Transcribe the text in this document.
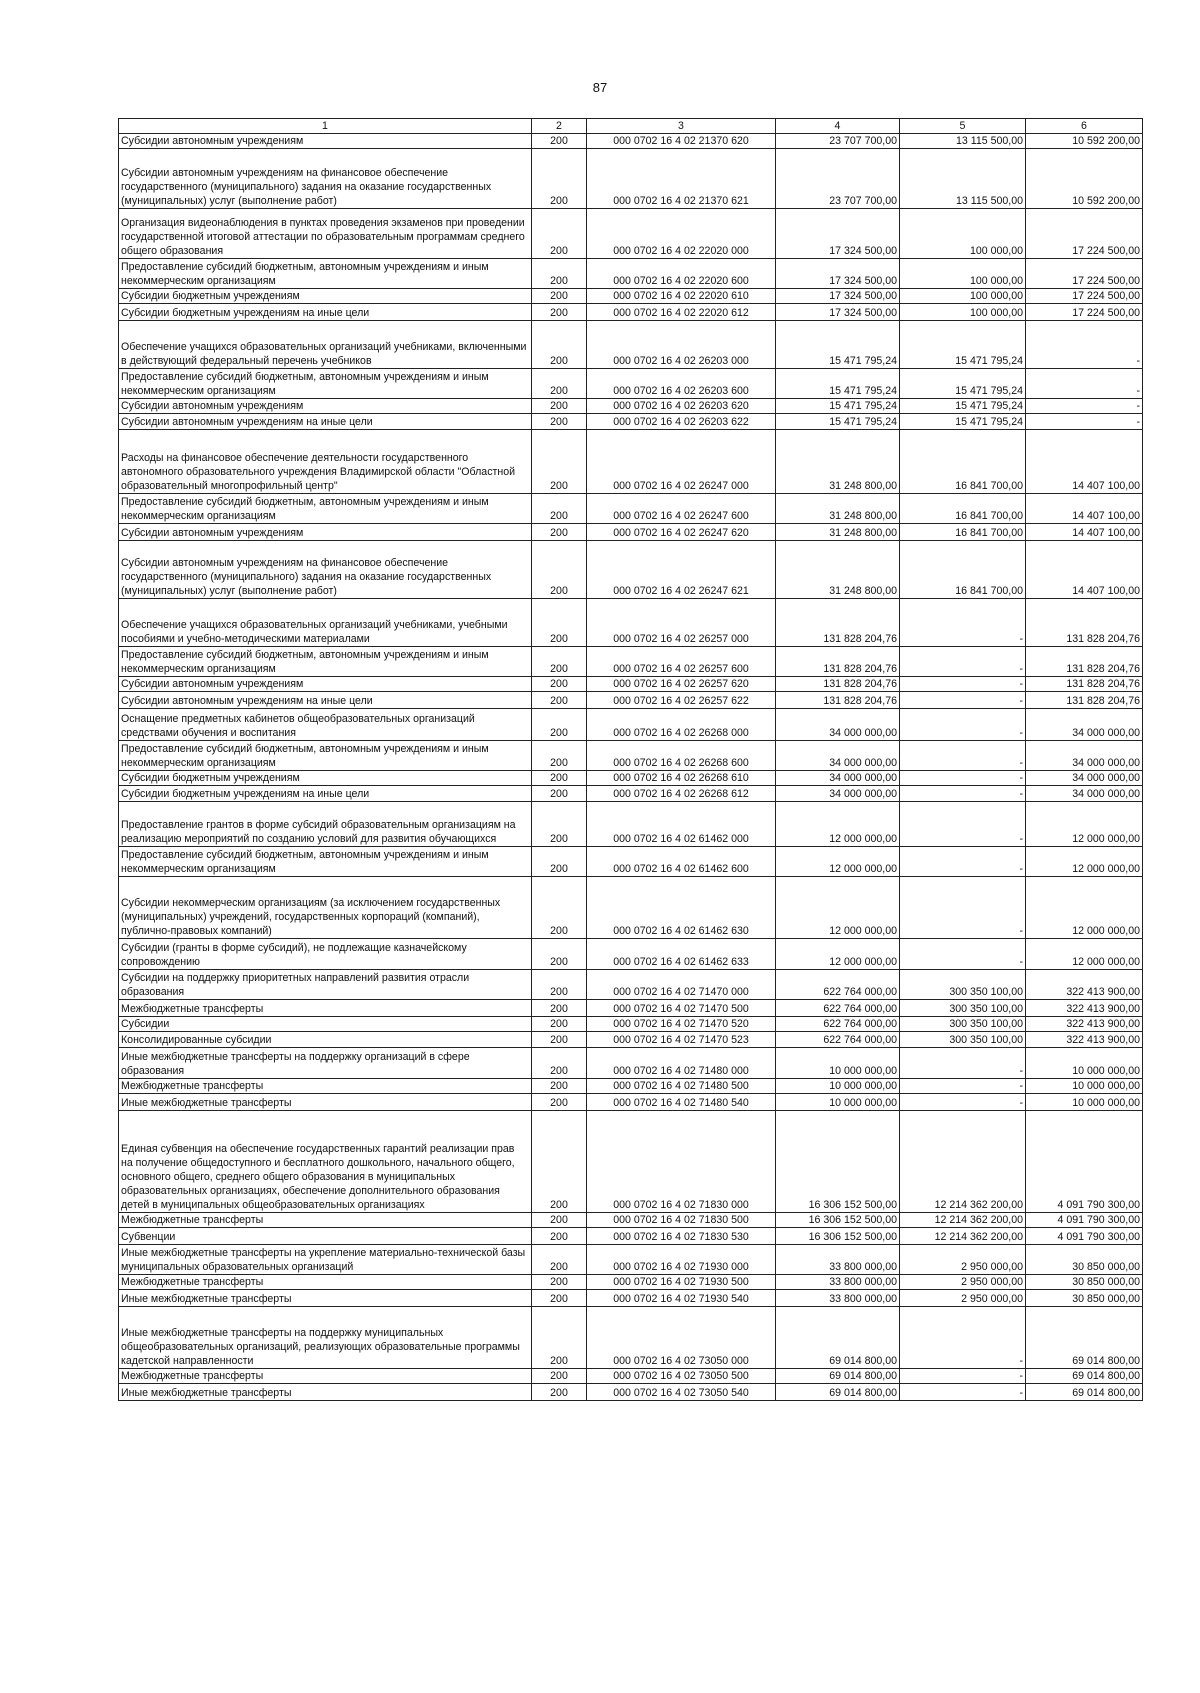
87
1	2	3	4	5	6
Субсидии автономным учреждениям	200	000 0702 16 4 02 21370 620	23 707 700,00	13 115 500,00	10 592 200,00
Субсидии автономным учреждениям на финансовое обеспечение государственного (муниципального) задания на оказание государственных (муниципальных) услуг (выполнение работ)	200	000 0702 16 4 02 21370 621	23 707 700,00	13 115 500,00	10 592 200,00
Организация видеонаблюдения в пунктах проведения экзаменов при проведении государственной итоговой аттестации по образовательным программам среднего общего образования	200	000 0702 16 4 02 22020 000	17 324 500,00	100 000,00	17 224 500,00
Предоставление субсидий бюджетным, автономным учреждениям и иным некоммерческим организациям	200	000 0702 16 4 02 22020 600	17 324 500,00	100 000,00	17 224 500,00
Субсидии бюджетным учреждениям	200	000 0702 16 4 02 22020 610	17 324 500,00	100 000,00	17 224 500,00
Субсидии бюджетным учреждениям на иные цели	200	000 0702 16 4 02 22020 612	17 324 500,00	100 000,00	17 224 500,00
Обеспечение учащихся образовательных организаций учебниками, включенными в действующий федеральный перечень учебников	200	000 0702 16 4 02 26203 000	15 471 795,24	15 471 795,24	-
Предоставление субсидий бюджетным, автономным учреждениям и иным некоммерческим организациям	200	000 0702 16 4 02 26203 600	15 471 795,24	15 471 795,24	-
Субсидии автономным учреждениям	200	000 0702 16 4 02 26203 620	15 471 795,24	15 471 795,24	-
Субсидии автономным учреждениям на иные цели	200	000 0702 16 4 02 26203 622	15 471 795,24	15 471 795,24	-
Расходы на финансовое обеспечение деятельности государственного автономного образовательного учреждения Владимирской области "Областной образовательный многопрофильный центр"	200	000 0702 16 4 02 26247 000	31 248 800,00	16 841 700,00	14 407 100,00
Предоставление субсидий бюджетным, автономным учреждениям и иным некоммерческим организациям	200	000 0702 16 4 02 26247 600	31 248 800,00	16 841 700,00	14 407 100,00
Субсидии автономным учреждениям	200	000 0702 16 4 02 26247 620	31 248 800,00	16 841 700,00	14 407 100,00
Субсидии автономным учреждениям на финансовое обеспечение государственного (муниципального) задания на оказание государственных (муниципальных) услуг (выполнение работ)	200	000 0702 16 4 02 26247 621	31 248 800,00	16 841 700,00	14 407 100,00
Обеспечение учащихся образовательных организаций учебниками, учебными пособиями и учебно-методическими материалами	200	000 0702 16 4 02 26257 000	131 828 204,76	-	131 828 204,76
Предоставление субсидий бюджетным, автономным учреждениям и иным некоммерческим организациям	200	000 0702 16 4 02 26257 600	131 828 204,76	-	131 828 204,76
Субсидии автономным учреждениям	200	000 0702 16 4 02 26257 620	131 828 204,76	-	131 828 204,76
Субсидии автономным учреждениям на иные цели	200	000 0702 16 4 02 26257 622	131 828 204,76	-	131 828 204,76
Оснащение предметных кабинетов общеобразовательных организаций средствами обучения и воспитания	200	000 0702 16 4 02 26268 000	34 000 000,00	-	34 000 000,00
Предоставление субсидий бюджетным, автономным учреждениям и иным некоммерческим организациям	200	000 0702 16 4 02 26268 600	34 000 000,00	-	34 000 000,00
Субсидии бюджетным учреждениям	200	000 0702 16 4 02 26268 610	34 000 000,00	-	34 000 000,00
Субсидии бюджетным учреждениям на иные цели	200	000 0702 16 4 02 26268 612	34 000 000,00	-	34 000 000,00
Предоставление грантов в форме субсидий образовательным организациям на реализацию мероприятий по созданию условий для развития обучающихся	200	000 0702 16 4 02 61462 000	12 000 000,00	-	12 000 000,00
Предоставление субсидий бюджетным, автономным учреждениям и иным некоммерческим организациям	200	000 0702 16 4 02 61462 600	12 000 000,00	-	12 000 000,00
Субсидии некоммерческим организациям (за исключением государственных (муниципальных) учреждений, государственных корпораций (компаний), публично-правовых компаний)	200	000 0702 16 4 02 61462 630	12 000 000,00	-	12 000 000,00
Субсидии (гранты в форме субсидий), не подлежащие казначейскому сопровождению	200	000 0702 16 4 02 61462 633	12 000 000,00	-	12 000 000,00
Субсидии на поддержку приоритетных направлений развития отрасли образования	200	000 0702 16 4 02 71470 000	622 764 000,00	300 350 100,00	322 413 900,00
Межбюджетные трансферты	200	000 0702 16 4 02 71470 500	622 764 000,00	300 350 100,00	322 413 900,00
Субсидии	200	000 0702 16 4 02 71470 520	622 764 000,00	300 350 100,00	322 413 900,00
Консолидированные субсидии	200	000 0702 16 4 02 71470 523	622 764 000,00	300 350 100,00	322 413 900,00
Иные межбюджетные трансферты на поддержку организаций в сфере образования	200	000 0702 16 4 02 71480 000	10 000 000,00	-	10 000 000,00
Межбюджетные трансферты	200	000 0702 16 4 02 71480 500	10 000 000,00	-	10 000 000,00
Иные межбюджетные трансферты	200	000 0702 16 4 02 71480 540	10 000 000,00	-	10 000 000,00
Единая субвенция на обеспечение государственных гарантий реализации прав на получение общедоступного и бесплатного дошкольного, начального общего, основного общего, среднего общего образования в муниципальных образовательных организациях, обеспечение дополнительного образования детей в муниципальных общеобразовательных организациях	200	000 0702 16 4 02 71830 000	16 306 152 500,00	12 214 362 200,00	4 091 790 300,00
Межбюджетные трансферты	200	000 0702 16 4 02 71830 500	16 306 152 500,00	12 214 362 200,00	4 091 790 300,00
Субвенции	200	000 0702 16 4 02 71830 530	16 306 152 500,00	12 214 362 200,00	4 091 790 300,00
Иные межбюджетные трансферты на укрепление материально-технической базы муниципальных образовательных организаций	200	000 0702 16 4 02 71930 000	33 800 000,00	2 950 000,00	30 850 000,00
Межбюджетные трансферты	200	000 0702 16 4 02 71930 500	33 800 000,00	2 950 000,00	30 850 000,00
Иные межбюджетные трансферты	200	000 0702 16 4 02 71930 540	33 800 000,00	2 950 000,00	30 850 000,00
Иные межбюджетные трансферты на поддержку муниципальных общеобразовательных организаций, реализующих образовательные программы кадетской направленности	200	000 0702 16 4 02 73050 000	69 014 800,00	-	69 014 800,00
Межбюджетные трансферты	200	000 0702 16 4 02 73050 500	69 014 800,00	-	69 014 800,00
Иные межбюджетные трансферты	200	000 0702 16 4 02 73050 540	69 014 800,00	-	69 014 800,00
